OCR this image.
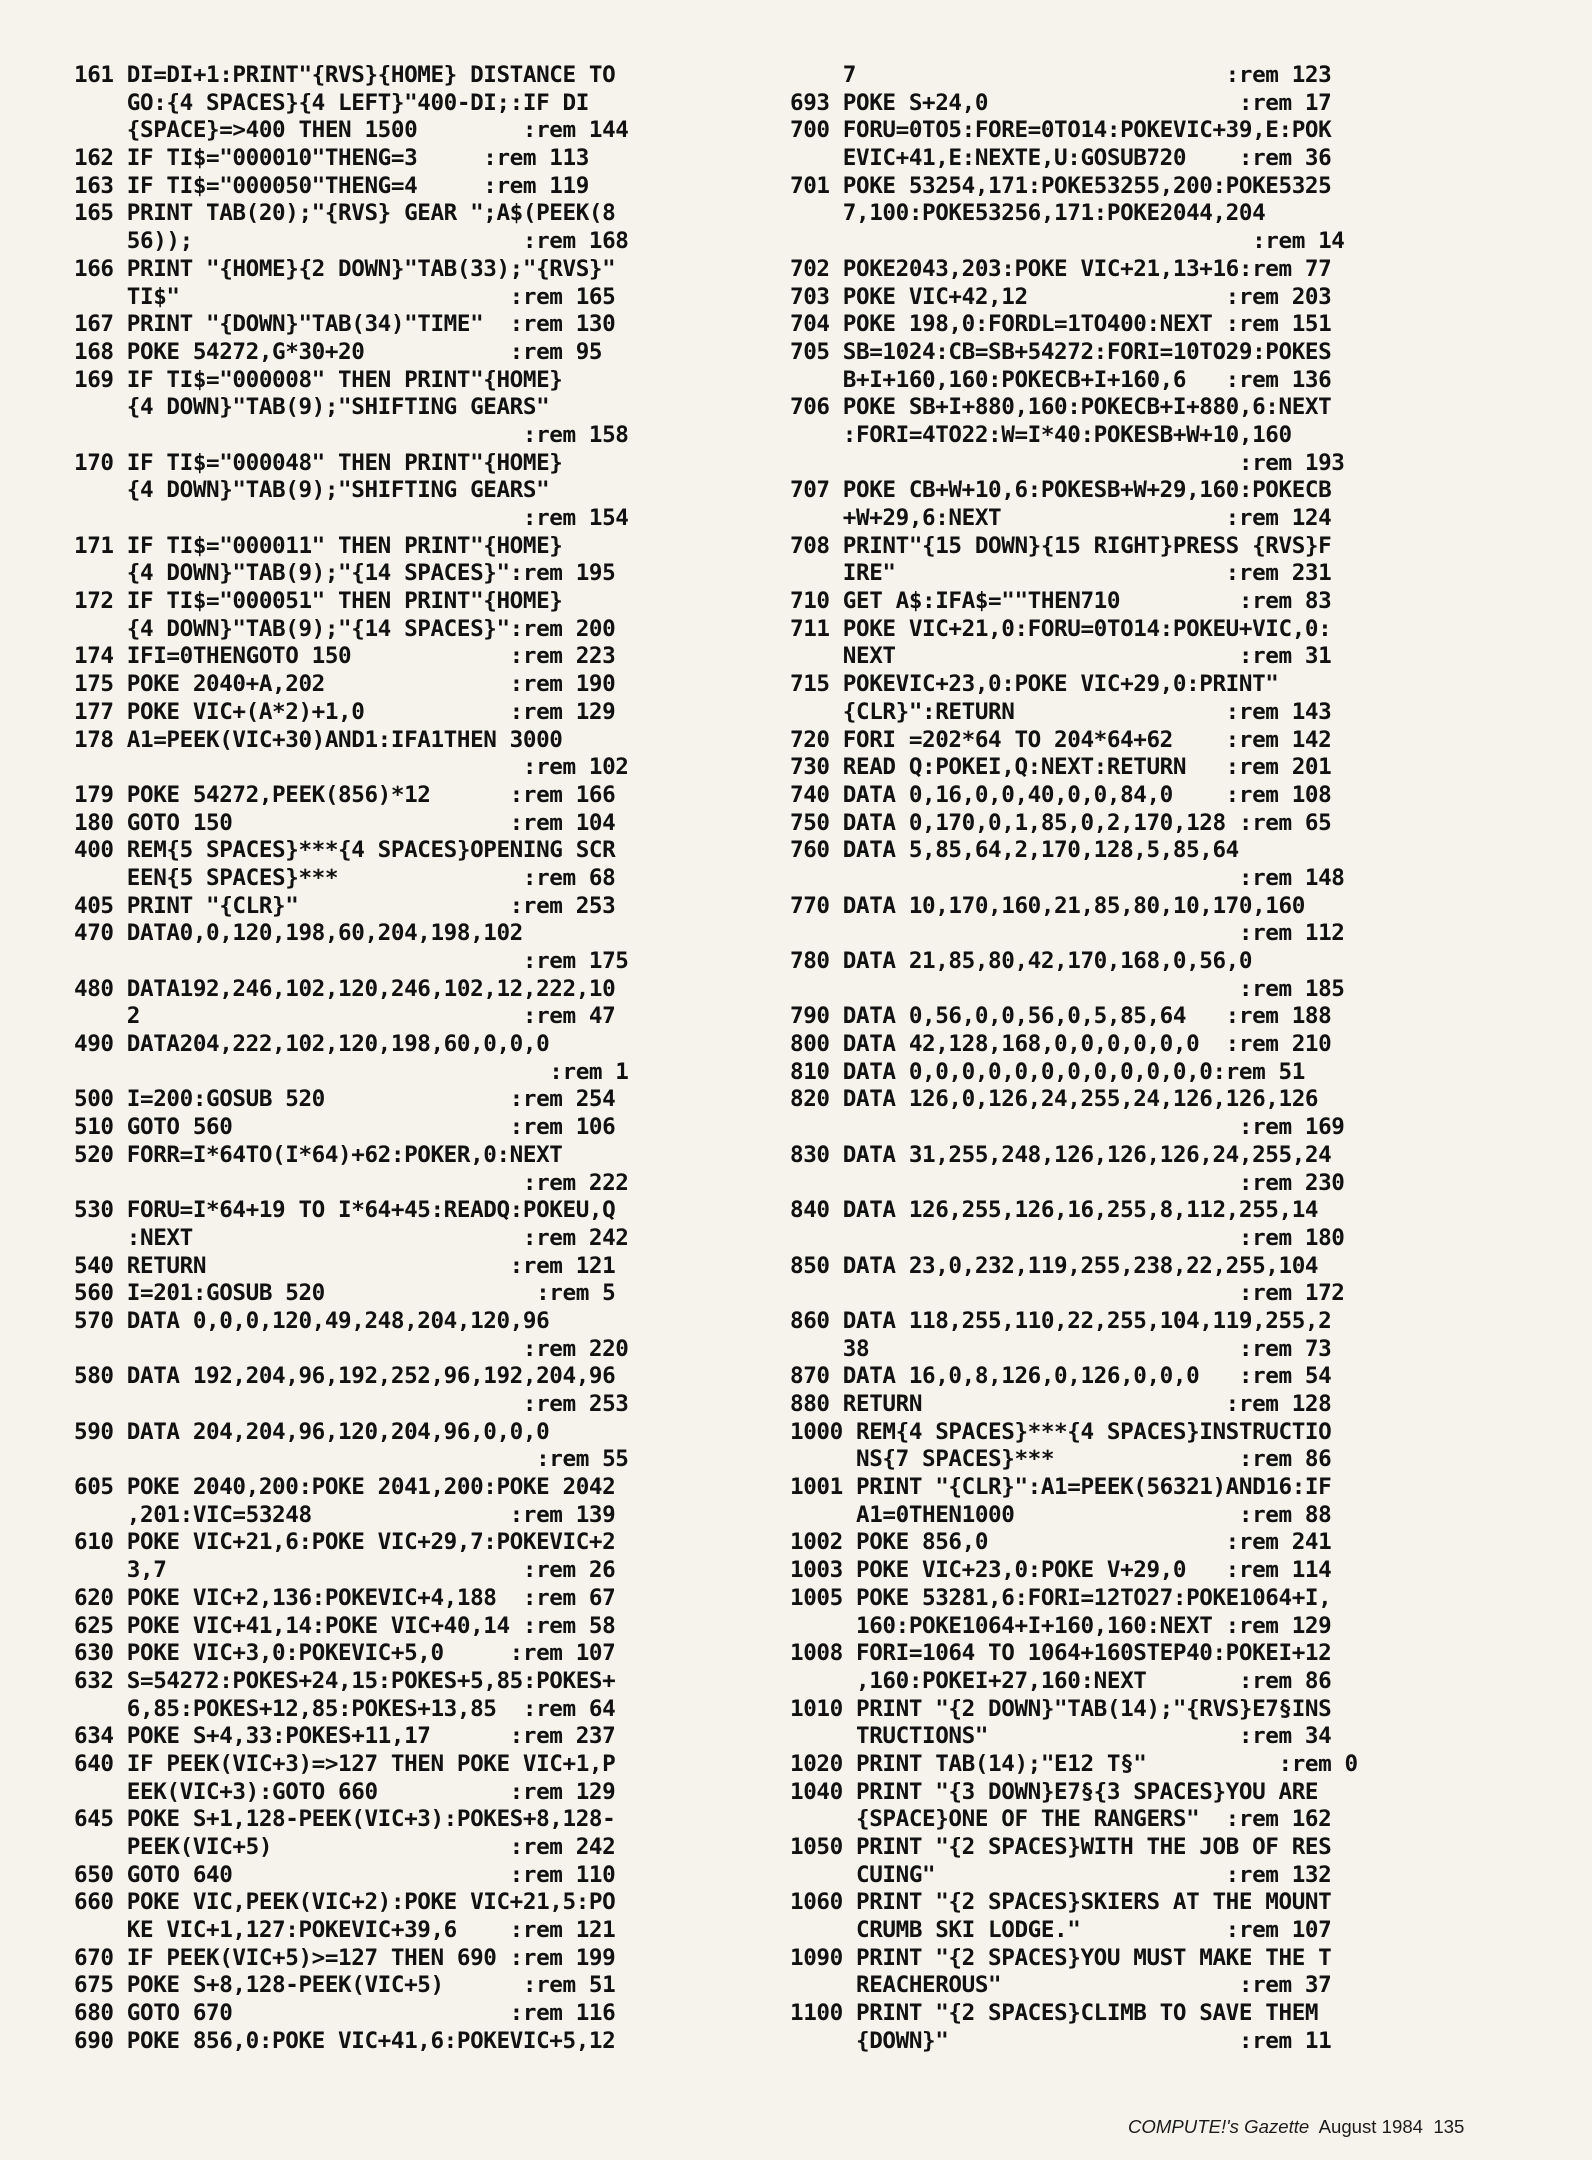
161 DI=DI+1:PRINT"{RVS}{HOME} DISTANCE TO
GO:{4 SPACES}{4 LEFT}"400-DI;:IF DI
{SPACE}=>400 THEN 1500        :rem 144
162 IF TI$="000010"THENG=3     :rem 113
163 IF TI$="000050"THENG=4     :rem 119
165 PRINT TAB(20);"{RVS} GEAR ";A$(PEEK(8
56));                         :rem 168
166 PRINT "{HOME}{2 DOWN}"TAB(33);"{RVS}"
TI$"                         :rem 165
167 PRINT "{DOWN}"TAB(34)"TIME"  :rem 130
168 POKE 54272,G*30+20           :rem 95
169 IF TI$="000008" THEN PRINT"{HOME}
{4 DOWN}"TAB(9);"SHIFTING GEARS"
:rem 158
170 IF TI$="000048" THEN PRINT"{HOME}
{4 DOWN}"TAB(9);"SHIFTING GEARS"
:rem 154
171 IF TI$="000011" THEN PRINT"{HOME}
{4 DOWN}"TAB(9);"{14 SPACES}":rem 195
172 IF TI$="000051" THEN PRINT"{HOME}
{4 DOWN}"TAB(9);"{14 SPACES}":rem 200
174 IFI=0THENGOTO 150            :rem 223
175 POKE 2040+A,202              :rem 190
177 POKE VIC+(A*2)+1,0           :rem 129
178 A1=PEEK(VIC+30)AND1:IFA1THEN 3000
:rem 102
179 POKE 54272,PEEK(856)*12      :rem 166
180 GOTO 150                     :rem 104
400 REM{5 SPACES}***{4 SPACES}OPENING SCR
EEN{5 SPACES}***              :rem 68
405 PRINT "{CLR}"                :rem 253
470 DATA0,0,120,198,60,204,198,102
:rem 175
480 DATA192,246,102,120,246,102,12,222,10
2                             :rem 47
490 DATA204,222,102,120,198,60,0,0,0
:rem 1
500 I=200:GOSUB 520              :rem 254
510 GOTO 560                     :rem 106
520 FORR=I*64TO(I*64)+62:POKER,0:NEXT
:rem 222
530 FORU=I*64+19 TO I*64+45:READQ:POKEU,Q
:NEXT                         :rem 242
540 RETURN                       :rem 121
560 I=201:GOSUB 520                :rem 5
570 DATA 0,0,0,120,49,248,204,120,96
:rem 220
580 DATA 192,204,96,192,252,96,192,204,96
:rem 253
590 DATA 204,204,96,120,204,96,0,0,0
:rem 55
605 POKE 2040,200:POKE 2041,200:POKE 2042
,201:VIC=53248               :rem 139
610 POKE VIC+21,6:POKE VIC+29,7:POKEVIC+2
3,7                           :rem 26
620 POKE VIC+2,136:POKEVIC+4,188  :rem 67
625 POKE VIC+41,14:POKE VIC+40,14 :rem 58
630 POKE VIC+3,0:POKEVIC+5,0     :rem 107
632 S=54272:POKES+24,15:POKES+5,85:POKES+
6,85:POKES+12,85:POKES+13,85  :rem 64
634 POKE S+4,33:POKES+11,17      :rem 237
640 IF PEEK(VIC+3)=>127 THEN POKE VIC+1,P
EEK(VIC+3):GOTO 660          :rem 129
645 POKE S+1,128-PEEK(VIC+3):POKES+8,128-
PEEK(VIC+5)                  :rem 242
650 GOTO 640                     :rem 110
660 POKE VIC,PEEK(VIC+2):POKE VIC+21,5:PO
KE VIC+1,127:POKEVIC+39,6    :rem 121
670 IF PEEK(VIC+5)>=127 THEN 690 :rem 199
675 POKE S+8,128-PEEK(VIC+5)      :rem 51
680 GOTO 670                     :rem 116
690 POKE 856,0:POKE VIC+41,6:POKEVIC+5,12
7                            :rem 123
693 POKE S+24,0                   :rem 17
700 FORU=0TO5:FORE=0TO14:POKEVIC+39,E:POK
EVIC+41,E:NEXTE,U:GOSUB720    :rem 36
701 POKE 53254,171:POKE53255,200:POKE5325
7,100:POKE53256,171:POKE2044,204
:rem 14
702 POKE2043,203:POKE VIC+21,13+16:rem 77
703 POKE VIC+42,12               :rem 203
704 POKE 198,0:FORDL=1TO400:NEXT :rem 151
705 SB=1024:CB=SB+54272:FORI=10TO29:POKES
B+I+160,160:POKECB+I+160,6   :rem 136
706 POKE SB+I+880,160:POKECB+I+880,6:NEXT
:FORI=4TO22:W=I*40:POKESB+W+10,160
:rem 193
707 POKE CB+W+10,6:POKESB+W+29,160:POKECB
+W+29,6:NEXT                 :rem 124
708 PRINT"{15 DOWN}{15 RIGHT}PRESS {RVS}F
IRE"                         :rem 231
710 GET A$:IFA$=""THEN710         :rem 83
711 POKE VIC+21,0:FORU=0TO14:POKEU+VIC,0:
NEXT                          :rem 31
715 POKEVIC+23,0:POKE VIC+29,0:PRINT"
{CLR}":RETURN                :rem 143
720 FORI =202*64 TO 204*64+62    :rem 142
730 READ Q:POKEI,Q:NEXT:RETURN   :rem 201
740 DATA 0,16,0,0,40,0,0,84,0    :rem 108
750 DATA 0,170,0,1,85,0,2,170,128 :rem 65
760 DATA 5,85,64,2,170,128,5,85,64
:rem 148
770 DATA 10,170,160,21,85,80,10,170,160
:rem 112
780 DATA 21,85,80,42,170,168,0,56,0
:rem 185
790 DATA 0,56,0,0,56,0,5,85,64   :rem 188
800 DATA 42,128,168,0,0,0,0,0,0  :rem 210
810 DATA 0,0,0,0,0,0,0,0,0,0,0,0:rem 51
820 DATA 126,0,126,24,255,24,126,126,126
:rem 169
830 DATA 31,255,248,126,126,126,24,255,24
:rem 230
840 DATA 126,255,126,16,255,8,112,255,14
:rem 180
850 DATA 23,0,232,119,255,238,22,255,104
:rem 172
860 DATA 118,255,110,22,255,104,119,255,2
38                            :rem 73
870 DATA 16,0,8,126,0,126,0,0,0   :rem 54
880 RETURN                       :rem 128
1000 REM{4 SPACES}***{4 SPACES}INSTRUCTIO
NS{7 SPACES}***              :rem 86
1001 PRINT "{CLR}":A1=PEEK(56321)AND16:IF
A1=0THEN1000                 :rem 88
1002 POKE 856,0                  :rem 241
1003 POKE VIC+23,0:POKE V+29,0   :rem 114
1005 POKE 53281,6:FORI=12TO27:POKE1064+I,
160:POKE1064+I+160,160:NEXT :rem 129
1008 FORI=1064 TO 1064+160STEP40:POKEI+12
,160:POKEI+27,160:NEXT       :rem 86
1010 PRINT "{2 DOWN}"TAB(14);"{RVS}E7§INS
TRUCTIONS"                   :rem 34
1020 PRINT TAB(14);"E12 T§"          :rem 0
1040 PRINT "{3 DOWN}E7§{3 SPACES}YOU ARE
{SPACE}ONE OF THE RANGERS"  :rem 162
1050 PRINT "{2 SPACES}WITH THE JOB OF RES
CUING"                      :rem 132
1060 PRINT "{2 SPACES}SKIERS AT THE MOUNT
CRUMB SKI LODGE."           :rem 107
1090 PRINT "{2 SPACES}YOU MUST MAKE THE T
REACHEROUS"                  :rem 37
1100 PRINT "{2 SPACES}CLIMB TO SAVE THEM
{DOWN}"                      :rem 11
COMPUTE!'s Gazette August 1984 135
